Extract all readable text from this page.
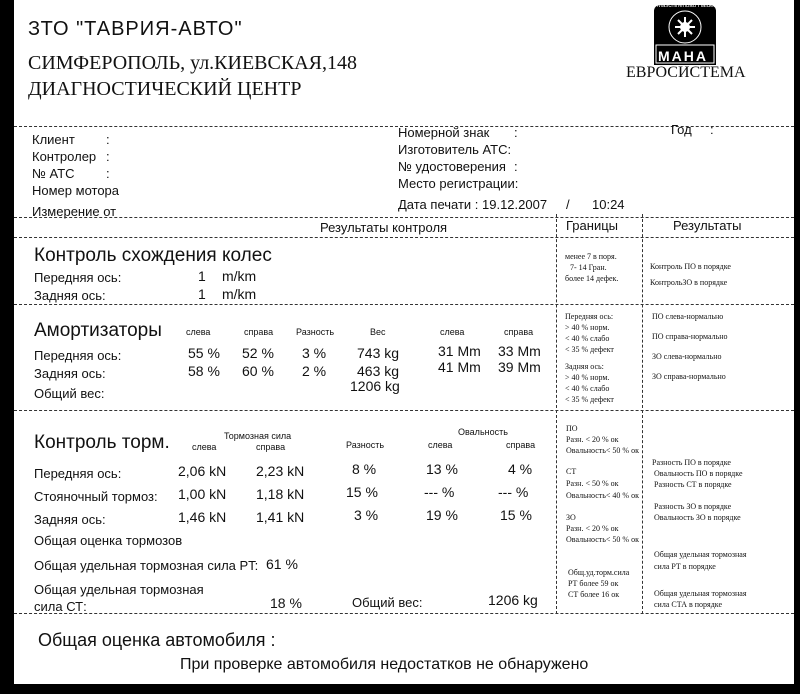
ЗТО "ТАВРИЯ-АВТО"
СИМФЕРОПОЛЬ, ул.КИЕВСКАЯ,148
ДИАГНОСТИЧЕСКИЙ ЦЕНТР
MAHA
Maschinenbau Haldenwang
ЕВРОСИСТЕМА
Клиент :
Контролер :
№ АТС :
Номер мотора
Номерной знак :
Изготовитель АТС:
№ удостоверения :
Место регистрации:
Год :
Измерение от	Дата печати : 19.12.2007 / 10:24
Результаты контроля	Границы	Результаты
Контроль схождения колес
Передняя ось:	1 m/km
Задняя ось:	1 m/km
менее 7 в поря.
7- 14 Гран.
более 14 дефек.
Контроль ПО в порядке
КонтрольЗО в порядке
Амортизаторы	слева	справа	Разность	Вес	слева	справа
Передняя ось:	55 % 52 % 3 % 743 kg	31 Mm 33 Mm
Задняя ось:	58 % 60 % 2 % 463 kg	41 Mm 39 Mm
Общий вес:	1206 kg
Передняя ось:
> 40 % норм.
< 40 % слабо
< 35 % дефект
Задняя ось:
> 40 % норм.
< 40 % слабо
< 35 % дефект
ПО слева-нормально
ПО справа-нормально
ЗО слева-нормально
ЗО справа-нормально
Контроль торм.	Тормозная сила
слева	справа	Разность
Овальность
слева	справа
Передняя ось:	2,06 kN 2,23 kN	8 %	13 %	4 %
Стояночный тормоз: 1,00 kN 1,18 kN	15 %	--- %	--- %
Задняя ось:	1,46 kN 1,41 kN	3 %	19 %	15 %
Общая оценка тормозов
Общая удельная тормозная сила PT: 61 %
Общая удельная тормозная
сила СТ:	18 %	Общий вес:	1206 kg
ПО
Разн. < 20 % ок
Овальность< 50 % ок
СТ
Разн. < 50 % ок
Овальность< 40 % ок
ЗО
Разн. < 20 % ок
Овальность< 50 % ок
Общ.уд.торм.сила
РТ более 59 ок
СТ более 16 ок
Разность ПО в порядке
Овальность ПО в порядке
Разность СТ в порядке
Разность ЗО в порядке
Овальность ЗО в порядке
Общая удельная тормозная
сила РТ в порядке
Общая удельная тормозная
сила СТА в порядке
Общая оценка автомобиля :
При проверке автомобиля недостатков не обнаружено
